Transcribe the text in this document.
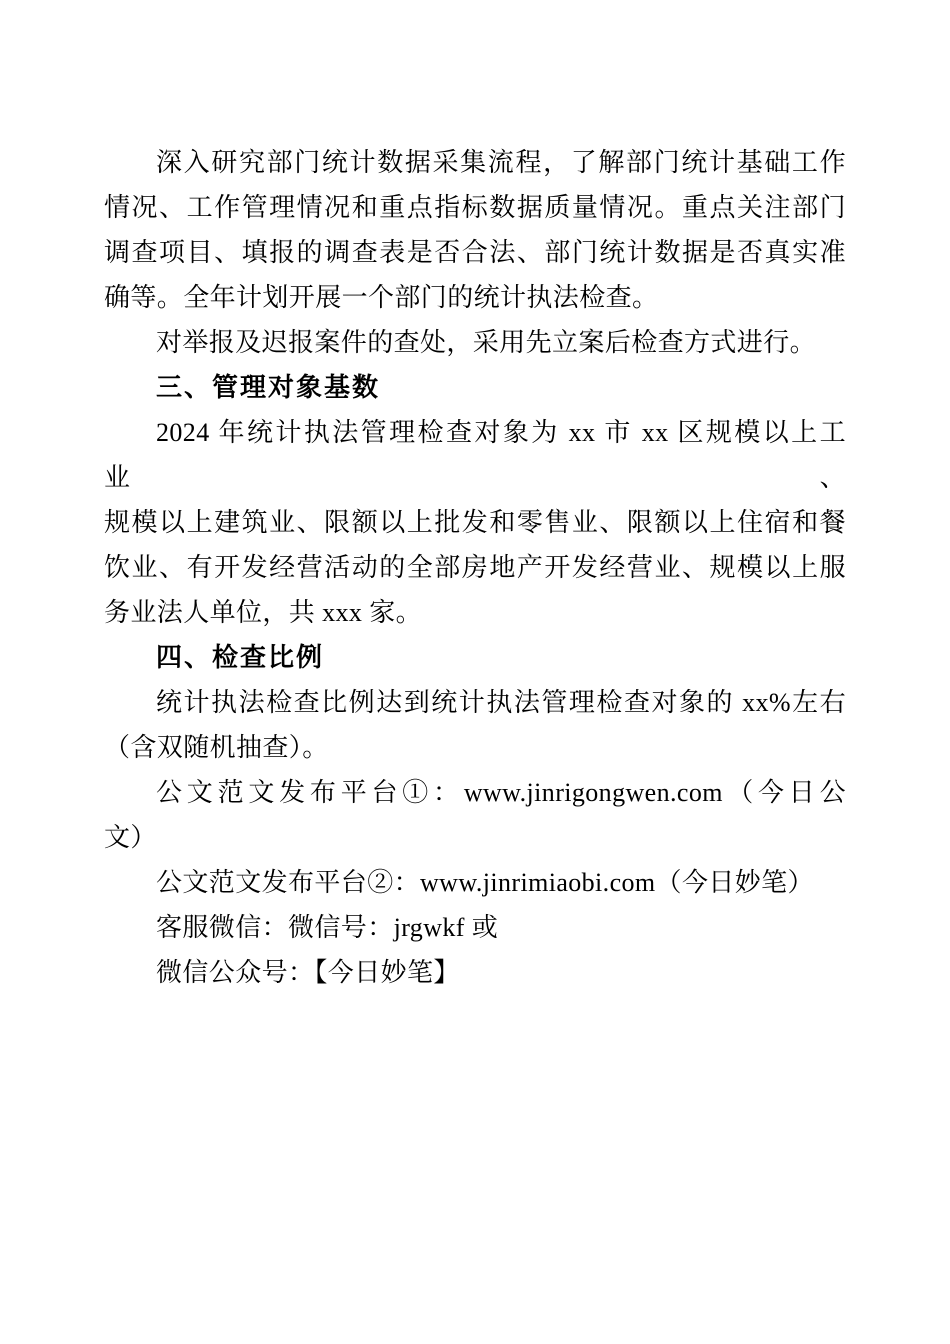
深入研究部门统计数据采集流程，了解部门统计基础工作
情况、工作管理情况和重点指标数据质量情况。重点关注部门
调查项目、填报的调查表是否合法、部门统计数据是否真实准
确等。全年计划开展一个部门的统计执法检查。
对举报及迟报案件的查处，采用先立案后检查方式进行。
三、管理对象基数
2024 年统计执法管理检查对象为 xx 市 xx 区规模以上工业、
规模以上建筑业、限额以上批发和零售业、限额以上住宿和餐
饮业、有开发经营活动的全部房地产开发经营业、规模以上服
务业法人单位，共 xxx 家。
四、检查比例
统计执法检查比例达到统计执法管理检查对象的 xx%左右
（含双随机抽查）。
公文范文发布平台①：www.jinrigongwen.com（今日公
文）
公文范文发布平台②：www.jinrimiaobi.com（今日妙笔）
客服微信：微信号：jrgwkf 或
微信公众号：【今日妙笔】
